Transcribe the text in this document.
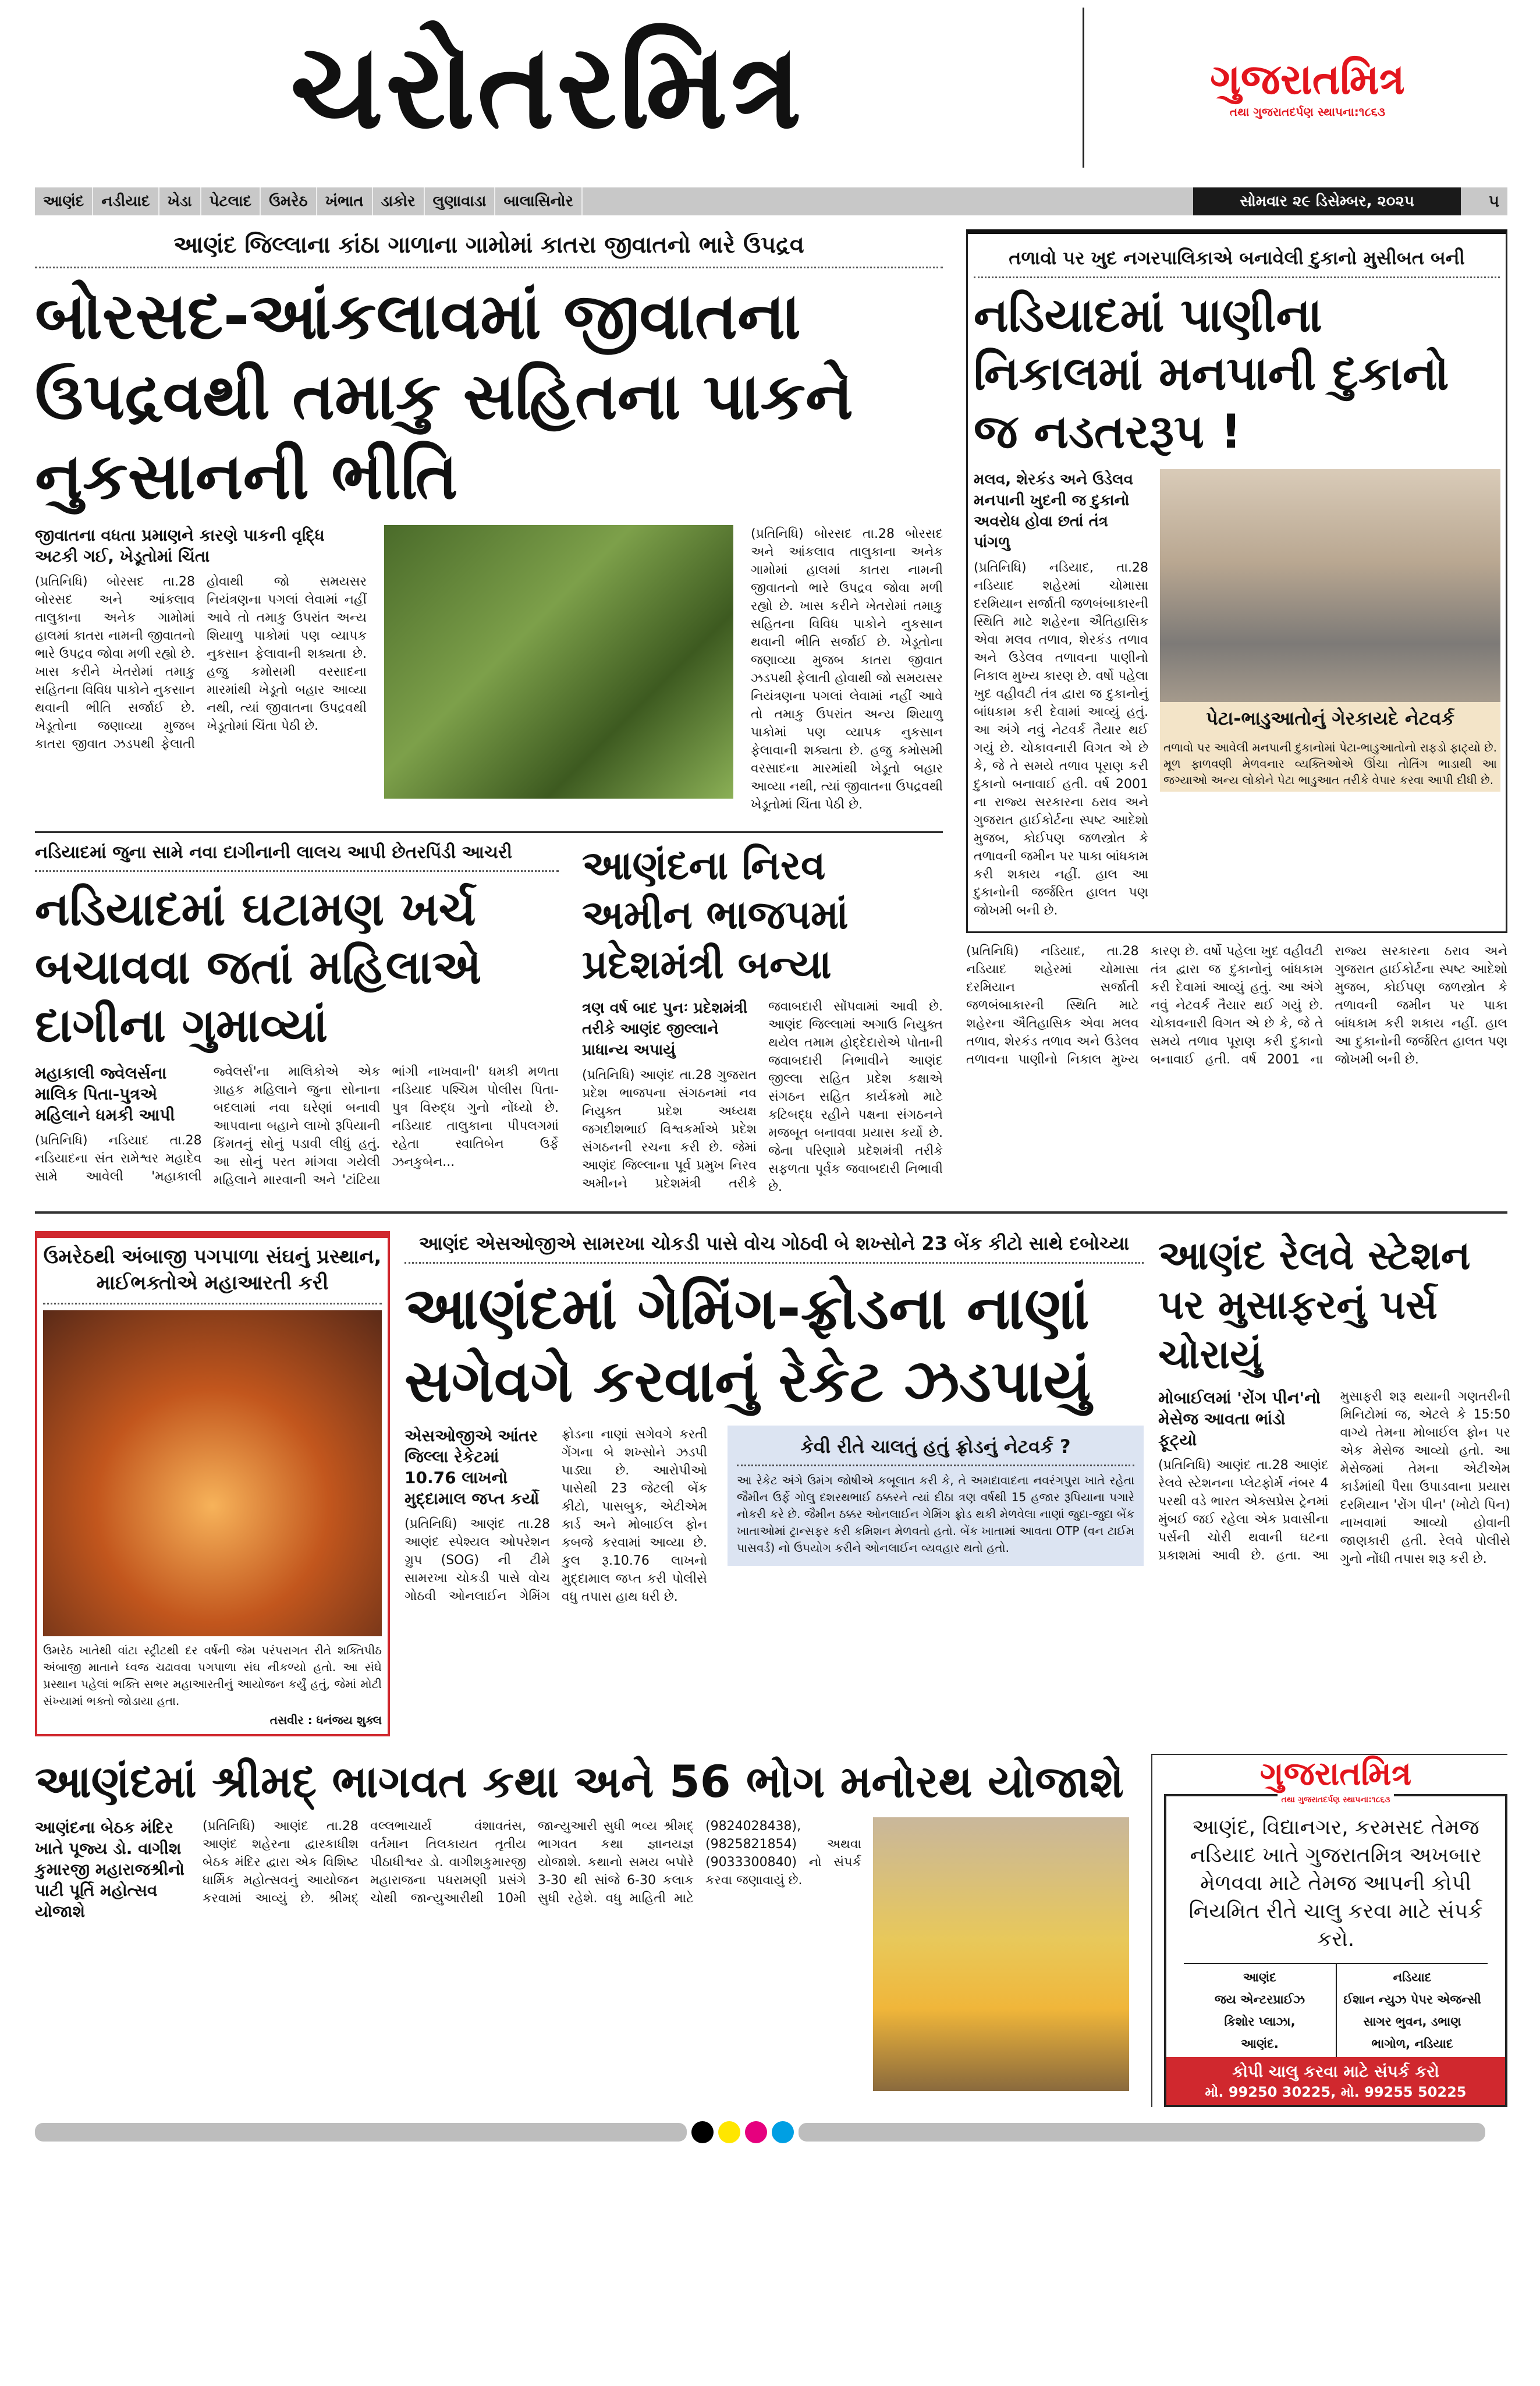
ચરોતરમિત્ર	ગુજરાતમિત્ર
તથા ગુજરાતદર્પણ સ્થાપના:૧૮૬૩
આણંદ	નડીયાદ	ખેડા	પેટલાદ	ઉમરેઠ	ખંભાત	ડાકોર	લુણાવાડા	બાલાસિનોર	સોમવાર ૨૯ ડિસેમ્બર, ૨૦૨૫	૫
આણંદ જિલ્લાના કાંઠા ગાળાના ગામોમાં કાતરા જીવાતનો ભારે ઉપદ્રવ
બોરસદ-આંકલાવમાં જીવાતના ઉપદ્રવથી તમાકુ સહિતના પાકને નુકસાનની ભીતિ
જીવાતના વધતા પ્રમાણને કારણે પાકની વૃદ્ધિ અટકી ગઈ, ખેડૂતોમાં ચિંતા
(પ્રતિનિધિ) બોરસદ તા.28 બોરસદ અને આંકલાવ તાલુકાના અનેક ગામોમાં હાલમાં કાતરા નામની જીવાતનો ભારે ઉપદ્રવ જોવા મળી રહ્યો છે. ખાસ કરીને ખેતરોમાં તમાકુ સહિતના વિવિધ પાકોને નુકસાન થવાની ભીતિ સર્જાઈ છે. ખેડૂતોના જણાવ્યા મુજબ કાતરા જીવાત ઝડપથી ફેલાતી હોવાથી જો સમયસર નિયંત્રણના પગલાં લેવામાં નહીં આવે તો તમાકુ ઉપરાંત અન્ય શિયાળુ પાકોમાં પણ વ્યાપક નુકસાન ફેલાવાની શક્યતા છે. હજુ કમોસમી વરસાદના મારમાંથી ખેડૂતો બહાર આવ્યા નથી, ત્યાં જીવાતના ઉપદ્રવથી ખેડૂતોમાં ચિંતા પેઠી છે.
(પ્રતિનિધિ) બોરસદ તા.28 બોરસદ અને આંકલાવ તાલુકાના અનેક ગામોમાં હાલમાં કાતરા નામની જીવાતનો ભારે ઉપદ્રવ જોવા મળી રહ્યો છે. ખાસ કરીને ખેતરોમાં તમાકુ સહિતના વિવિધ પાકોને નુકસાન થવાની ભીતિ સર્જાઈ છે. ખેડૂતોના જણાવ્યા મુજબ કાતરા જીવાત ઝડપથી ફેલાતી હોવાથી જો સમયસર નિયંત્રણના પગલાં લેવામાં નહીં આવે તો તમાકુ ઉપરાંત અન્ય શિયાળુ પાકોમાં પણ વ્યાપક નુકસાન ફેલાવાની શક્યતા છે. હજુ કમોસમી વરસાદના મારમાંથી ખેડૂતો બહાર આવ્યા નથી, ત્યાં જીવાતના ઉપદ્રવથી ખેડૂતોમાં ચિંતા પેઠી છે.
નડિયાદમાં જુના સામે નવા દાગીનાની લાલચ આપી છેતરપિંડી આચરી
નડિયાદમાં ઘટામણ ખર્ચ બચાવવા જતાં મહિલાએ દાગીના ગુમાવ્યાં
મહાકાલી જ્વેલર્સના માલિક પિતા-પુત્રએ મહિલાને ધમકી આપી
(પ્રતિનિધિ) નડિયાદ તા.28 નડિયાદના સંત રામેશ્વર મહાદેવ સામે આવેલી 'મહાકાલી જ્વેલર્સ'ના માલિકોએ એક ગ્રાહક મહિલાને જુના સોનાના બદલામાં નવા ઘરેણાં બનાવી આપવાના બહાને લાખો રૂપિયાની કિંમતનું સોનું પડાવી લીધું હતું. આ સોનું પરત માંગવા ગયેલી મહિલાને મારવાની અને 'ટાંટિયા ભાંગી નાખવાની' ધમકી મળતા નડિયાદ પશ્ચિમ પોલીસ પિતા-પુત્ર વિરુદ્ધ ગુનો નોંધ્યો છે. નડિયાદ તાલુકાના પીપલગમાં રહેતા સ્વાતિબેન ઉર્ફે ઝનકુબેન...
આણંદના નિરવ અમીન ભાજપમાં પ્રદેશમંત્રી બન્યા
ત્રણ વર્ષ બાદ પુનઃ પ્રદેશમંત્રી તરીકે આણંદ જીલ્લાને પ્રાધાન્ય અપાયું
(પ્રતિનિધિ) આણંદ તા.28 ગુજરાત પ્રદેશ ભાજપના સંગઠનમાં નવ નિયુક્ત પ્રદેશ અધ્યક્ષ જગદીશભાઈ વિશ્વકર્માએ પ્રદેશ સંગઠનની રચના કરી છે. જેમાં આણંદ જિલ્લાના પૂર્વ પ્રમુખ નિરવ અમીનને પ્રદેશમંત્રી તરીકે જવાબદારી સોંપવામાં આવી છે. આણંદ જિલ્લામાં અગાઉ નિયુક્ત થયેલ તમામ હોદ્દેદારોએ પોતાની જવાબદારી નિભાવીને આણંદ જીલ્લા સહિત પ્રદેશ કક્ષાએ સંગઠન સહિત કાર્યક્રમો માટે કટિબદ્ધ રહીને પક્ષના સંગઠનને મજબૂત બનાવવા પ્રયાસ કર્યો છે. જેના પરિણામે પ્રદેશમંત્રી તરીકે સફળતા પૂર્વક જવાબદારી નિભાવી છે.
તળાવો પર ખુદ નગરપાલિકાએ બનાવેલી દુકાનો મુસીબત બની
નડિયાદમાં પાણીના નિકાલમાં મનપાની દુકાનો જ નડતરરૂપ !
મલવ, શેરકંડ અને ઉડેલવ મનપાની ખુદની જ દુકાનો અવરોધ હોવા છતાં તંત્ર પાંગળુ
(પ્રતિનિધિ) નડિયાદ, તા.28 નડિયાદ શહેરમાં ચોમાસા દરમિયાન સર્જાતી જળબંબાકારની સ્થિતિ માટે શહેરના ઐતિહાસિક એવા મલવ તળાવ, શેરકંડ તળાવ અને ઉડેલવ તળાવના પાણીનો નિકાલ મુખ્ય કારણ છે. વર્ષો પહેલા ખુદ વહીવટી તંત્ર દ્વારા જ દુકાનોનું બાંધકામ કરી દેવામાં આવ્યું હતું. આ અંગે નવું નેટવર્ક તૈયાર થઈ ગયું છે. ચોકાવનારી વિગત એ છે કે, જે તે સમયે તળાવ પૂરાણ કરી દુકાનો બનાવાઈ હતી. વર્ષ 2001 ના રાજ્ય સરકારના ઠરાવ અને ગુજરાત હાઈકોર્ટના સ્પષ્ટ આદેશો મુજબ, કોઈપણ જળસ્ત્રોત કે તળાવની જમીન પર પાકા બાંધકામ કરી શકાય નહીં. હાલ આ દુકાનોની જર્જરિત હાલત પણ જોખમી બની છે.
પેટા-ભાડુઆતોનું ગેરકાયદે નેટવર્ક
તળાવો પર આવેલી મનપાની દુકાનોમાં પેટા-ભાડુઆતોનો રાફડો ફાટ્યો છે. મૂળ ફાળવણી મેળવનાર વ્યક્તિઓએ ઊંચા તોતિંગ ભાડાથી આ જગ્યાઓ અન્ય લોકોને પેટા ભાડુઆત તરીકે વેપાર કરવા આપી દીધી છે.
(પ્રતિનિધિ) નડિયાદ, તા.28 નડિયાદ શહેરમાં ચોમાસા દરમિયાન સર્જાતી જળબંબાકારની સ્થિતિ માટે શહેરના ઐતિહાસિક એવા મલવ તળાવ, શેરકંડ તળાવ અને ઉડેલવ તળાવના પાણીનો નિકાલ મુખ્ય કારણ છે. વર્ષો પહેલા ખુદ વહીવટી તંત્ર દ્વારા જ દુકાનોનું બાંધકામ કરી દેવામાં આવ્યું હતું. આ અંગે નવું નેટવર્ક તૈયાર થઈ ગયું છે. ચોકાવનારી વિગત એ છે કે, જે તે સમયે તળાવ પૂરાણ કરી દુકાનો બનાવાઈ હતી. વર્ષ 2001 ના રાજ્ય સરકારના ઠરાવ અને ગુજરાત હાઈકોર્ટના સ્પષ્ટ આદેશો મુજબ, કોઈપણ જળસ્ત્રોત કે તળાવની જમીન પર પાકા બાંધકામ કરી શકાય નહીં. હાલ આ દુકાનોની જર્જરિત હાલત પણ જોખમી બની છે.
ઉમરેઠથી અંબાજી પગપાળા સંઘનું પ્રસ્થાન, માઈભક્તોએ મહાઆરતી કરી
ઉમરેઠ ખાતેથી વાંટા સ્ટ્રીટથી દર વર્ષની જેમ પરંપરાગત રીતે શક્તિપીઠ અંબાજી માતાને ધ્વજ ચઢાવવા પગપાળા સંઘ નીકળ્યો હતો. આ સંઘે પ્રસ્થાન પહેલાં ભક્તિ સભર મહાઆરતીનું આયોજન કર્યું હતું, જેમાં મોટી સંખ્યામાં ભક્તો જોડાયા હતા.
તસવીર : ધનંજય શુક્લ
આણંદ એસઓજીએ સામરખા ચોકડી પાસે વોચ ગોઠવી બે શખ્સોને 23 બેંક કીટો સાથે દબોચ્યા
આણંદમાં ગેમિંગ-ફ્રોડના નાણાં સગેવગે કરવાનું રેકેટ ઝડપાયું
એસઓજીએ આંતર જિલ્લા રેકેટમાં 10.76 લાખનો મુદ્દામાલ જપ્ત કર્યો
(પ્રતિનિધિ) આણંદ તા.28 આણંદ સ્પેશ્યલ ઓપરેશન ગ્રુપ (SOG) ની ટીમે સામરખા ચોકડી પાસે વોચ ગોઠવી ઓનલાઈન ગેમિંગ ફ્રોડના નાણાં સગેવગે કરતી ગેંગના બે શખ્સોને ઝડપી પાડ્યા છે. આરોપીઓ પાસેથી 23 જેટલી બેંક કીટો, પાસબુક, એટીએમ કાર્ડ અને મોબાઈલ ફોન કબજે કરવામાં આવ્યા છે. કુલ રૂ.10.76 લાખનો મુદ્દામાલ જપ્ત કરી પોલીસે વધુ તપાસ હાથ ધરી છે.
કેવી રીતે ચાલતું હતું ફ્રોડનું નેટવર્ક ?
આ રેકેટ અંગે ઉમંગ જોષીએ કબૂલાત કરી કે, તે અમદાવાદના નવરંગપુરા ખાતે રહેતા જૈમીન ઉર્ફે ગોલુ દશરથભાઈ ઠક્કરને ત્યાં દીઠા ત્રણ વર્ષથી 15 હજાર રૂપિયાના પગારે નોકરી કરે છે. જૈમીન ઠક્કર ઓનલાઈન ગેમિંગ ફ્રોડ થકી મેળવેલા નાણાં જુદા-જુદા બેંક ખાતાઓમાં ટ્રાન્સફર કરી કમિશન મેળવતો હતો. બેંક ખાતામાં આવતા OTP (વન ટાઈમ પાસવર્ડ) નો ઉપયોગ કરીને ઓનલાઈન વ્યવહાર થતો હતો.
આણંદ રેલવે સ્ટેશન પર મુસાફરનું પર્સ ચોરાયું
મોબાઈલમાં 'રોંગ પીન'નો મેસેજ આવતા ભાંડો ફૂટ્યો
(પ્રતિનિધિ) આણંદ તા.28 આણંદ રેલવે સ્ટેશનના પ્લેટફોર્મ નંબર 4 પરથી વડે ભારત એક્સપ્રેસ ટ્રેનમાં મુંબઈ જઈ રહેલા એક પ્રવાસીના પર્સની ચોરી થવાની ઘટના પ્રકાશમાં આવી છે. હતા. આ મુસાફરી શરૂ થયાની ગણતરીની મિનિટોમાં જ, એટલે કે 15:50 વાગ્યે તેમના મોબાઈલ ફોન પર એક મેસેજ આવ્યો હતો. આ મેસેજમાં તેમના એટીએમ કાર્ડમાંથી પૈસા ઉપાડવાના પ્રયાસ દરમિયાન 'રોંગ પીન' (ખોટો પિન) નાખવામાં આવ્યો હોવાની જાણકારી હતી. રેલવે પોલીસે ગુનો નોંધી તપાસ શરૂ કરી છે.
આણંદમાં શ્રીમદ્ ભાગવત કથા અને 56 ભોગ મનોરથ યોજાશે
આણંદના બેઠક મંદિર ખાતે પૂજ્ય ડો. વાગીશ કુમારજી મહારાજશ્રીનો પાટી પૂર્તિ મહોત્સવ યોજાશે
(પ્રતિનિધિ) આણંદ તા.28 આણંદ શહેરના દ્વારકાધીશ બેઠક મંદિર દ્વારા એક વિશિષ્ટ ધાર્મિક મહોત્સવનું આયોજન કરવામાં આવ્યું છે. શ્રીમદ્ વલ્લભાચાર્ય વંશાવતંસ, વર્તમાન તિલકાયત તૃતીય પીઠાધીશ્વર ડો. વાગીશકુમારજી મહારાજના પધરામણી પ્રસંગે ચોથી જાન્યુઆરીથી 10મી જાન્યુઆરી સુધી ભવ્ય શ્રીમદ્ ભાગવત કથા જ્ઞાનયજ્ઞ યોજાશે. કથાનો સમય બપોરે 3-30 થી સાંજે 6-30 કલાક સુધી રહેશે. વધુ માહિતી માટે (9824028438), (9825821854) અથવા (9033300840) નો સંપર્ક કરવા જણાવાયું છે.
ગુજરાતમિત્ર
તથા ગુજરાતદર્પણ સ્થાપના:૧૮૬૩
આણંદ, વિદ્યાનગર, કરમસદ તેમજ નડિયાદ ખાતે ગુજરાતમિત્ર અખબાર મેળવવા માટે તેમજ આપની કોપી નિયમિત રીતે ચાલુ કરવા માટે સંપર્ક કરો.
આણંદ
જય એન્ટરપ્રાઈઝ
કિશોર પ્લાઝા,
આણંદ.
નડિયાદ
ઈશાન ન્યુઝ પેપર એજન્સી
સાગર ભુવન, ડભાણ
ભાગોળ, નડિયાદ
કોપી ચાલુ કરવા માટે સંપર્ક કરો
મો. 99250 30225, મો. 99255 50225
